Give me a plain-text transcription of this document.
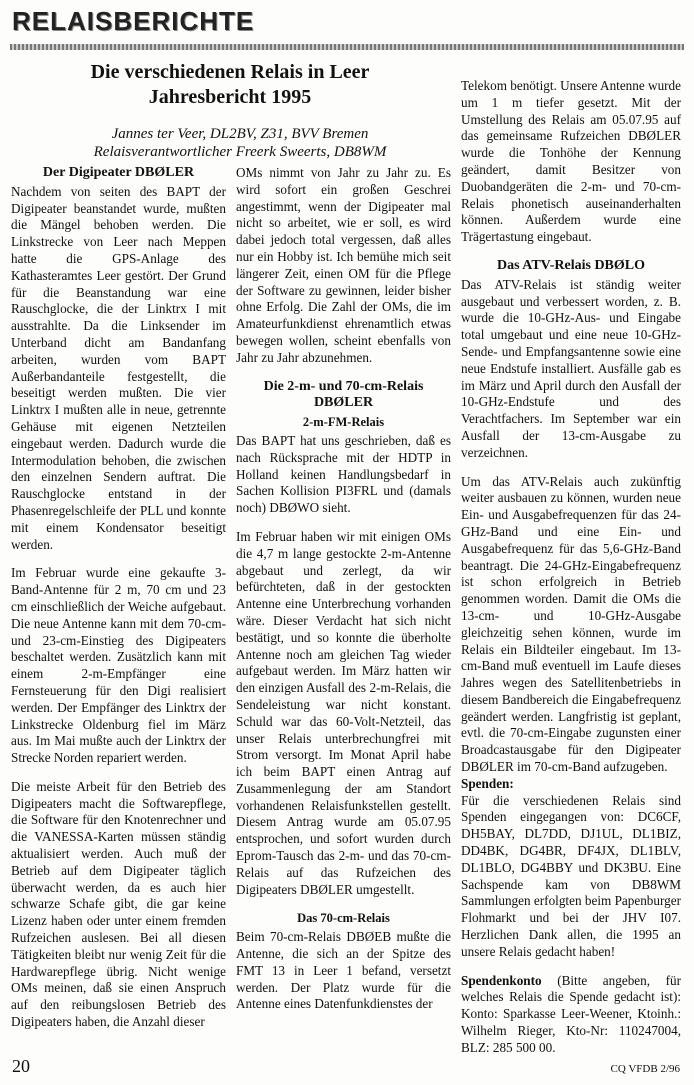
RELAISBERICHTE
Die verschiedenen Relais in Leer Jahresbericht 1995
Jannes ter Veer, DL2BV, Z31, BVV Bremen
Relaisverantwortlicher Freerk Sweerts, DB8WM
Der Digipeater DBØLER

Nachdem von seiten des BAPT der Digipeater beanstandet wurde, mußten die Mängel behoben werden. Die Linkstrecke von Leer nach Meppen hatte die GPS-Anlage des Kathasteramtes Leer gestört. Der Grund für die Beanstandung war eine Rauschglocke, die der Linktrx I mit ausstrahlte. Da die Linksender im Unterband dicht am Bandanfang arbeiten, wurden vom BAPT Außerbandanteile festgestellt, die beseitigt werden mußten. Die vier Linktrx I mußten alle in neue, getrennte Gehäuse mit eigenen Netzteilen eingebaut werden. Dadurch wurde die Intermodulation behoben, die zwischen den einzelnen Sendern auftrat. Die Rauschglocke entstand in der Phasenregelschleife der PLL und konnte mit einem Kondensator beseitigt werden.

Im Februar wurde eine gekaufte 3-Band-Antenne für 2 m, 70 cm und 23 cm einschließlich der Weiche aufgebaut. Die neue Antenne kann mit dem 70-cm- und 23-cm-Einstieg des Digipeaters beschaltet werden. Zusätzlich kann mit einem 2-m-Empfänger eine Fernsteuerung für den Digi realisiert werden. Der Empfänger des Linktrx der Linkstrecke Oldenburg fiel im März aus. Im Mai mußte auch der Linktrx der Strecke Norden repariert werden.

Die meiste Arbeit für den Betrieb des Digipeaters macht die Softwarepflege, die Software für den Knotenrechner und die VANESSA-Karten müssen ständig aktualisiert werden. Auch muß der Betrieb auf dem Digipeater täglich überwacht werden, da es auch hier schwarze Schafe gibt, die gar keine Lizenz haben oder unter einem fremden Rufzeichen auslesen. Bei all diesen Tätigkeiten bleibt nur wenig Zeit für die Hardwarepflege übrig. Nicht wenige OMs meinen, daß sie einen Anspruch auf den reibungslosen Betrieb des Digipeaters haben, die Anzahl dieser

OMs nimmt von Jahr zu Jahr zu. Es wird sofort ein großen Geschrei angestimmt, wenn der Digipeater mal nicht so arbeitet, wie er soll, es wird dabei jedoch total vergessen, daß alles nur ein Hobby ist. Ich bemühe mich seit längerer Zeit, einen OM für die Pflege der Software zu gewinnen, leider bisher ohne Erfolg. Die Zahl der OMs, die im Amateurfunkdienst ehrenamtlich etwas bewegen wollen, scheint ebenfalls von Jahr zu Jahr abzunehmen.

Die 2-m- und 70-cm-Relais DBØLER
2-m-FM-Relais

Das BAPT hat uns geschrieben, daß es nach Rücksprache mit der HDTP in Holland keinen Handlungsbedarf in Sachen Kollision PI3FRL und (damals noch) DBØWO sieht.

Im Februar haben wir mit einigen OMs die 4,7 m lange gestockte 2-m-Antenne abgebaut und zerlegt, da wir befürchteten, daß in der gestockten Antenne eine Unterbrechung vorhanden wäre. Dieser Verdacht hat sich nicht bestätigt, und so konnte die überholte Antenne noch am gleichen Tag wieder aufgebaut werden. Im März hatten wir den einzigen Ausfall des 2-m-Relais, die Sendeleistung war nicht konstant. Schuld war das 60-Volt-Netzteil, das unser Relais unterbrechungfrei mit Strom versorgt. Im Monat April habe ich beim BAPT einen Antrag auf Zusammenlegung der am Standort vorhandenen Relaisfunkstellen gestellt. Diesem Antrag wurde am 05.07.95 entsprochen, und sofort wurden durch Eprom-Tausch das 2-m- und das 70-cm-Relais auf das Rufzeichen des Digipeaters DBØLER umgestellt.

Das 70-cm-Relais

Beim 70-cm-Relais DBØEB mußte die Antenne, die sich an der Spitze des FMT 13 in Leer 1 befand, versetzt werden. Der Platz wurde für die Antenne eines Datenfunkdienstes der

Telekom benötigt. Unsere Antenne wurde um 1 m tiefer gesetzt. Mit der Umstellung des Relais am 05.07.95 auf das gemeinsame Rufzeichen DBØLER wurde die Tonhöhe der Kennung geändert, damit Besitzer von Duobandgeräten die 2-m- und 70-cm-Relais phonetisch auseinanderhalten können. Außerdem wurde eine Trägertastung eingebaut.

Das ATV-Relais DBØLO

Das ATV-Relais ist ständig weiter ausgebaut und verbessert worden, z. B. wurde die 10-GHz-Aus- und Eingabe total umgebaut und eine neue 10-GHz-Sende- und Empfangsantenne sowie eine neue Endstufe installiert. Ausfälle gab es im März und April durch den Ausfall der 10-GHz-Endstufe und des Verachtfachers. Im September war ein Ausfall der 13-cm-Ausgabe zu verzeichnen.

Um das ATV-Relais auch zukünftig weiter ausbauen zu können, wurden neue Ein- und Ausgabefrequenzen für das 24-GHz-Band und eine Ein- und Ausgabefrequenz für das 5,6-GHz-Band beantragt. Die 24-GHz-Eingabefrequenz ist schon erfolgreich in Betrieb genommen worden. Damit die OMs die 13-cm- und 10-GHz-Ausgabe gleichzeitig sehen können, wurde im Relais ein Bildteiler eingebaut. Im 13-cm-Band muß eventuell im Laufe dieses Jahres wegen des Satellitenbetriebs in diesem Bandbereich die Eingabefrequenz geändert werden. Langfristig ist geplant, evtl. die 70-cm-Eingabe zugunsten einer Broadcastausgabe für den Digipeater DBØLER im 70-cm-Band aufzugeben.

Spenden:

Für die verschiedenen Relais sind Spenden eingegangen von: DC6CF, DH5BAY, DL7DD, DJ1UL, DL1BIZ, DD4BK, DG4BR, DF4JX, DL1BLV, DL1BLO, DG4BBY und DK3BU. Eine Sachspende kam von DB8WM Sammlungen erfolgten beim Papenburger Flohmarkt und bei der JHV I07. Herzlichen Dank allen, die 1995 an unsere Relais gedacht haben!

Spendenkonto (Bitte angeben, für welches Relais die Spende gedacht ist): Konto: Sparkasse Leer-Weener, Ktoinh.: Wilhelm Rieger, Kto-Nr: 110247004, BLZ: 285 500 00.

20	CQ VFDB 2/96
